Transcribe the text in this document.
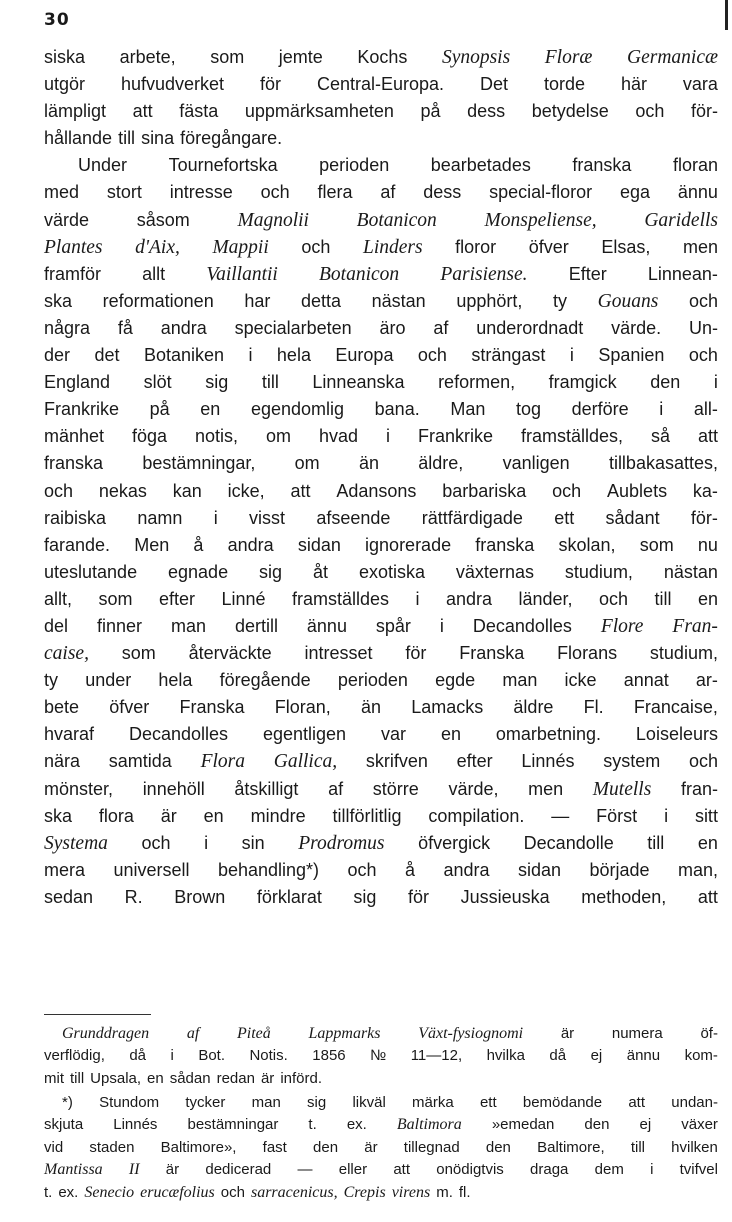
30
siska arbete, som jemte Kochs Synopsis Floræ Germanicæ
utgör hufvudverket för Central-Europa. Det torde här vara
lämpligt att fästa uppmärksamheten på dess betydelse och för-
hållande till sina föregångare.
Under Tournefortska perioden bearbetades franska floran
med stort intresse och flera af dess special-floror ega ännu
värde	såsom Magnolii Botanicon Monspeliense, Garidells
Plantes d'Aix, Mappii och Linders floror öfver Elsas, men
framför allt Vaillantii Botanicon Parisiense. Efter Linnean-
ska reformationen har detta nästan upphört, ty Gouans och
några få andra specialarbeten äro af underordnadt värde. Un-
der det Botaniken i hela Europa och strängast i Spanien och
England slöt sig till Linneanska reformen, framgick den i
Frankrike på en egendomlig bana. Man tog derföre i all-
mänhet föga notis, om hvad i Frankrike framställdes, så att
franska bestämningar, om än äldre, vanligen tillbakasattes,
och nekas kan icke, att Adansons barbariska och Aublets ka-
raibiska namn i visst afseende rättfärdigade ett sådant för-
farande. Men å andra sidan ignorerade franska skolan, som nu
uteslutande egnade sig åt exotiska växternas studium, nästan
allt, som efter Linné framställdes i andra länder, och till en
del finner man dertill ännu spår i Decandolles Flore Fran-
caise, som återväckte intresset för Franska Florans studium,
ty under hela föregående perioden egde man icke annat ar-
bete öfver Franska Floran, än Lamacks äldre Fl. Francaise,
hvaraf Decandolles egentligen var en omarbetning. Loiseleurs
nära samtida Flora Gallica, skrifven efter Linnés system och
mönster, innehöll åtskilligt af större värde, men Mutells fran-
ska flora är en mindre tillförlitlig compilation. — Först i sitt
Systema och i sin Prodromus öfvergick Decandolle till en
mera universell behandling*) och å andra sidan började man,
sedan R. Brown förklarat sig för Jussieuska methoden, att
Grunddragen af Piteå Lappmarks Växt-fysiognomi	är	numera	öf-
verflödig, då i Bot. Notis. 1856 № 11—12, hvilka då ej ännu kom-
mit till Upsala, en sådan redan är införd.
*) Stundom tycker man sig likväl märka ett bemödande att undan-
skjuta Linnés bestämningar t. ex. Baltimora »emedan den ej växer
vid staden Baltimore», fast den är tillegnad den Baltimore, till hvilken
Mantissa II är dedicerad — eller att onödigtvis draga dem i tvifvel
t. ex. Senecio erucæfolius och sarracenicus, Crepis virens m. fl.
